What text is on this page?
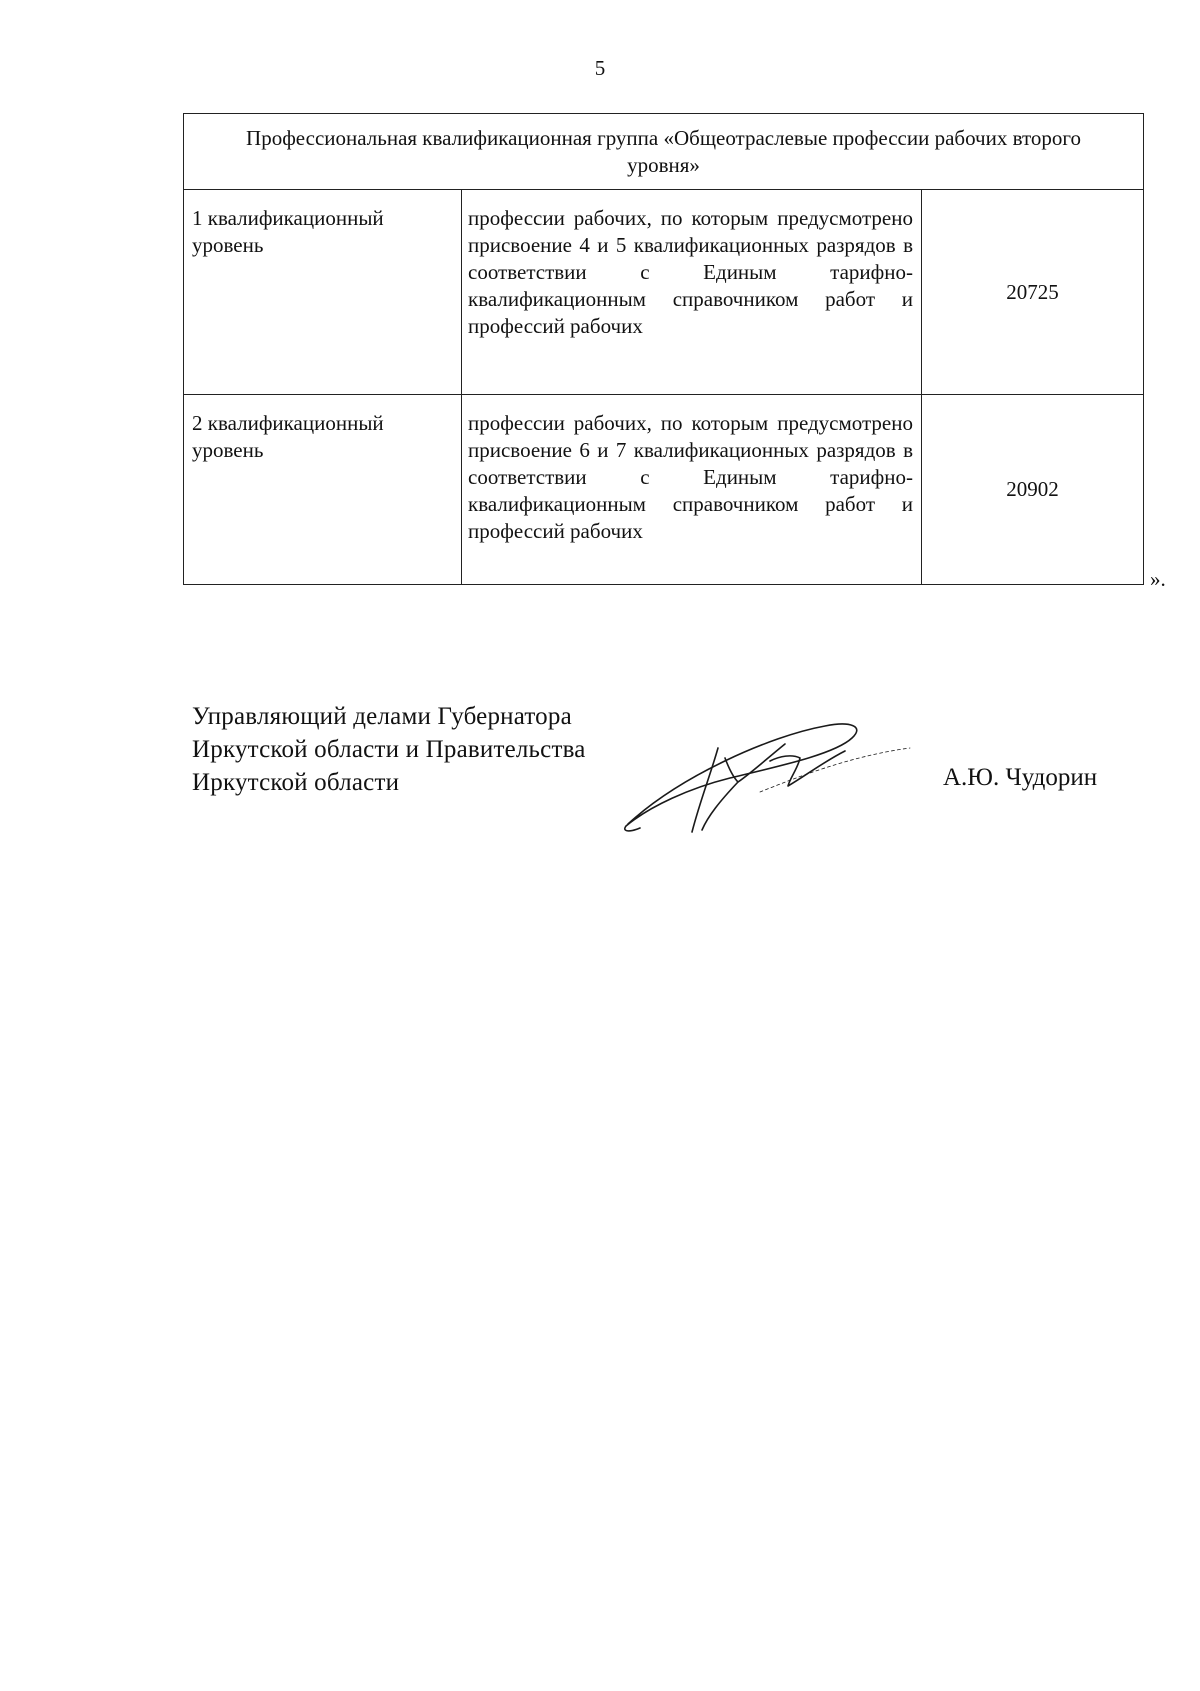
5
Профессиональная квалификационная группа «Общеотраслевые профессии рабочих второго уровня»		
1 квалификационный уровень	профессии рабочих, по которым предусмотрено присвоение 4 и 5 квалификационных разрядов в соответствии с Единым тарифно-квалификационным справочником работ и профессий рабочих	20725
2 квалификационный уровень	профессии рабочих, по которым предусмотрено присвоение 6 и 7 квалификационных разрядов в соответствии с Единым тарифно-квалификационным справочником работ и профессий рабочих	20902
».
Управляющий делами Губернатора
Иркутской области и Правительства
Иркутской области	А.Ю. Чудорин
